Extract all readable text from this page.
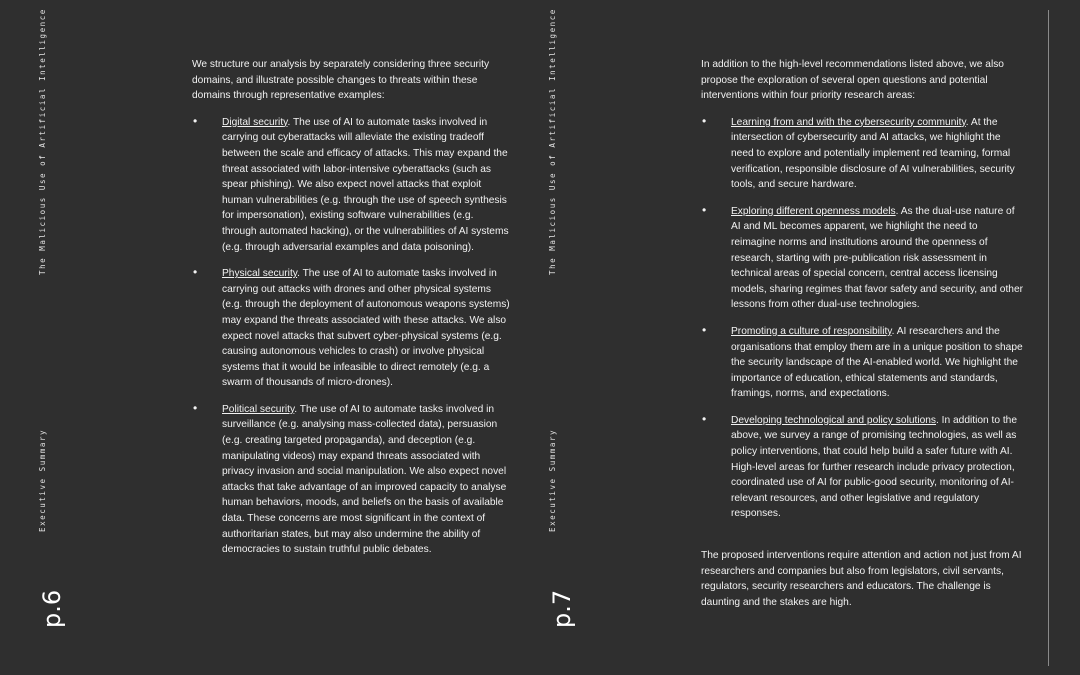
The Malicious Use of Artificial Intelligence
Executive Summary
p.6

We structure our analysis by separately considering three security domains, and illustrate possible changes to threats within these domains through representative examples:

• Digital security. The use of AI to automate tasks involved in carrying out cyberattacks will alleviate the existing tradeoff between the scale and efficacy of attacks. This may expand the threat associated with labor-intensive cyberattacks (such as spear phishing). We also expect novel attacks that exploit human vulnerabilities (e.g. through the use of speech synthesis for impersonation), existing software vulnerabilities (e.g. through automated hacking), or the vulnerabilities of AI systems (e.g. through adversarial examples and data poisoning).
• Physical security. The use of AI to automate tasks involved in carrying out attacks with drones and other physical systems (e.g. through the deployment of autonomous weapons systems) may expand the threats associated with these attacks. We also expect novel attacks that subvert cyber-physical systems (e.g. causing autonomous vehicles to crash) or involve physical systems that it would be infeasible to direct remotely (e.g. a swarm of thousands of micro-drones).
• Political security. The use of AI to automate tasks involved in surveillance (e.g. analysing mass-collected data), persuasion (e.g. creating targeted propaganda), and deception (e.g. manipulating videos) may expand threats associated with privacy invasion and social manipulation. We also expect novel attacks that take advantage of an improved capacity to analyse human behaviors, moods, and beliefs on the basis of available data. These concerns are most significant in the context of authoritarian states, but may also undermine the ability of democracies to sustain truthful public debates.
The Malicious Use of Artificial Intelligence
Executive Summary
p.7

In addition to the high-level recommendations listed above, we also propose the exploration of several open questions and potential interventions within four priority research areas:

• Learning from and with the cybersecurity community. At the intersection of cybersecurity and AI attacks, we highlight the need to explore and potentially implement red teaming, formal verification, responsible disclosure of AI vulnerabilities, security tools, and secure hardware.
• Exploring different openness models. As the dual-use nature of AI and ML becomes apparent, we highlight the need to reimagine norms and institutions around the openness of research, starting with pre-publication risk assessment in technical areas of special concern, central access licensing models, sharing regimes that favor safety and security, and other lessons from other dual-use technologies.
• Promoting a culture of responsibility. AI researchers and the organisations that employ them are in a unique position to shape the security landscape of the AI-enabled world. We highlight the importance of education, ethical statements and standards, framings, norms, and expectations.
• Developing technological and policy solutions. In addition to the above, we survey a range of promising technologies, as well as policy interventions, that could help build a safer future with AI. High-level areas for further research include privacy protection, coordinated use of AI for public-good security, monitoring of AI-relevant resources, and other legislative and regulatory responses.

The proposed interventions require attention and action not just from AI researchers and companies but also from legislators, civil servants, regulators, security researchers and educators. The challenge is daunting and the stakes are high.
